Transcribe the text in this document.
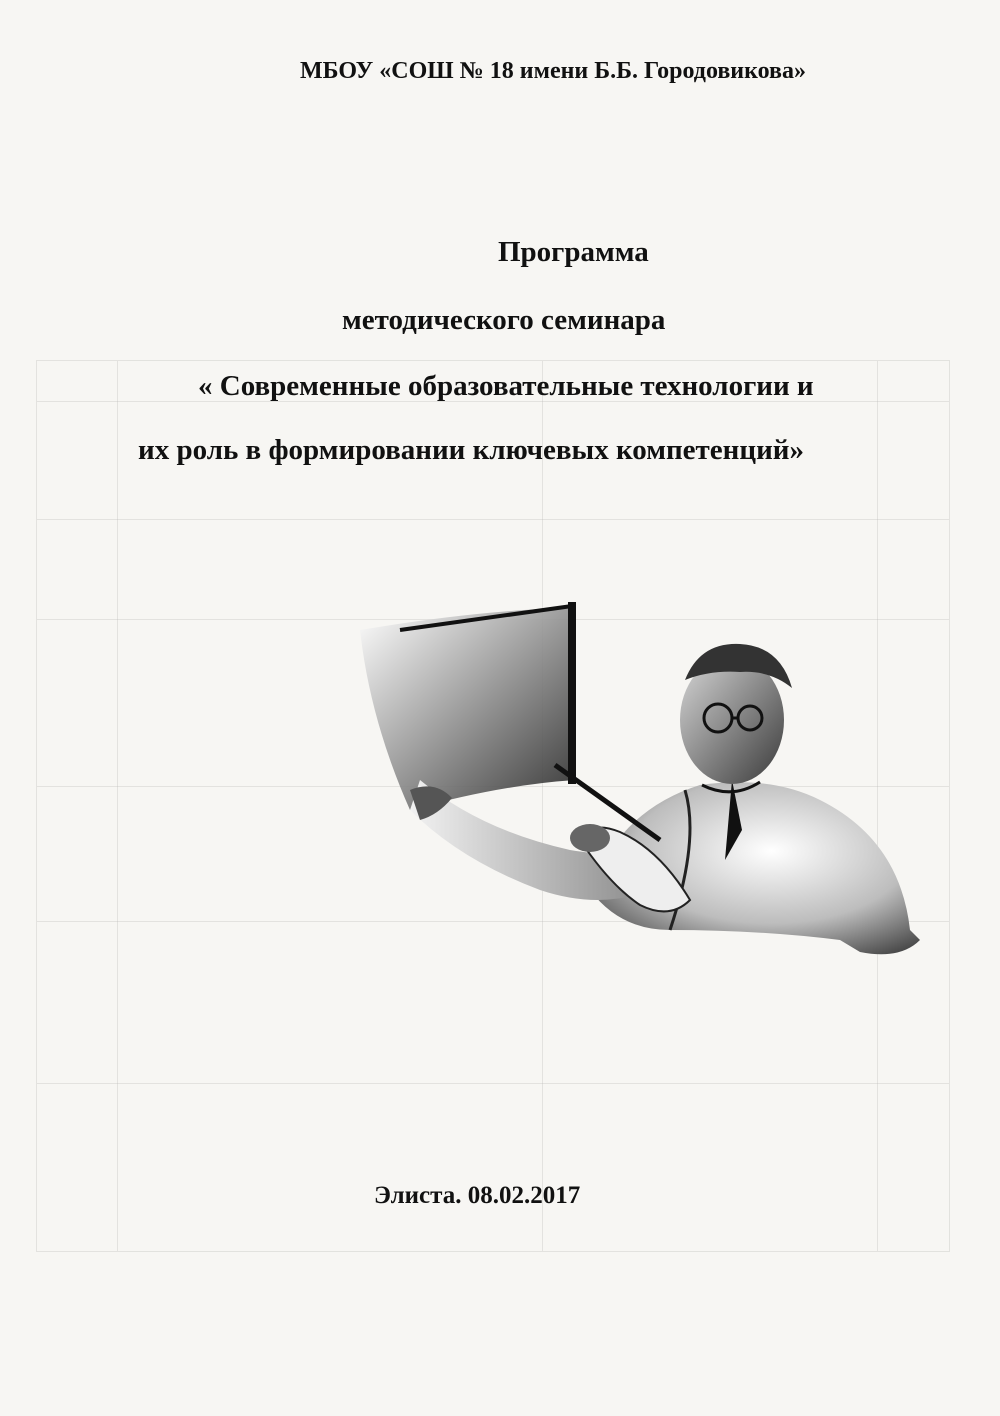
МБОУ «СОШ № 18 имени Б.Б. Городовикова»
Программа
методического семинара
« Современные образовательные технологии и
их роль в формировании ключевых компетенций»
Элиста. 08.02.2017
